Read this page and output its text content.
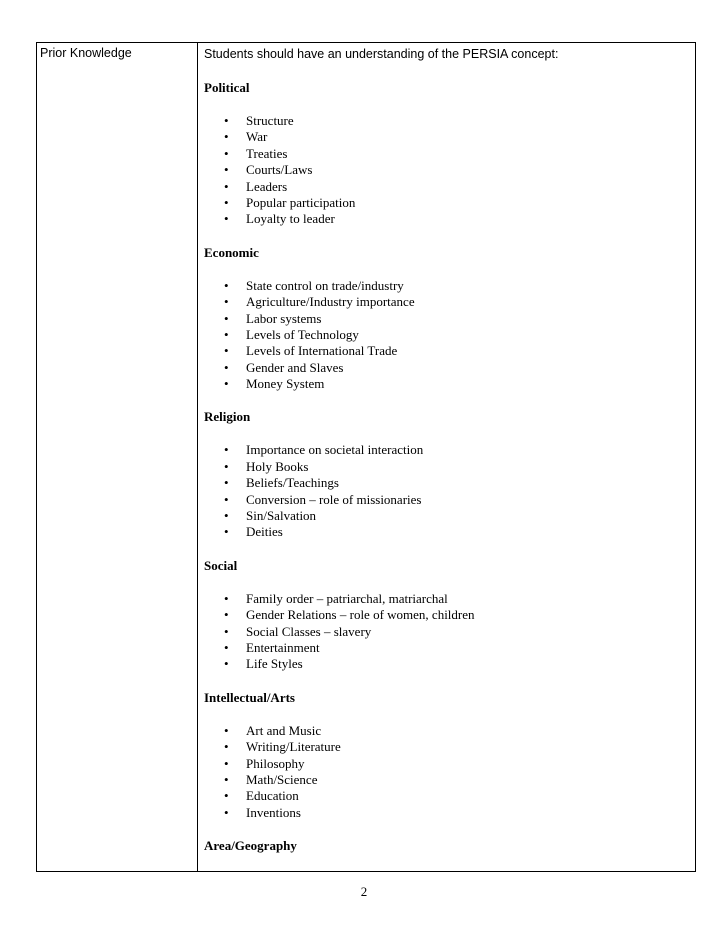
Prior Knowledge	Students should have an understanding of the PERSIA concept:
Political
• Structure
• War
• Treaties
• Courts/Laws
• Leaders
• Popular participation
• Loyalty to leader
Economic
• State control on trade/industry
• Agriculture/Industry importance
• Labor systems
• Levels of Technology
• Levels of International Trade
• Gender and Slaves
• Money System
Religion
• Importance on societal interaction
• Holy Books
• Beliefs/Teachings
• Conversion – role of missionaries
• Sin/Salvation
• Deities
Social
• Family order – patriarchal, matriarchal
• Gender Relations – role of women, children
• Social Classes – slavery
• Entertainment
• Life Styles
Intellectual/Arts
• Art and Music
• Writing/Literature
• Philosophy
• Math/Science
• Education
• Inventions
Area/Geography
2
